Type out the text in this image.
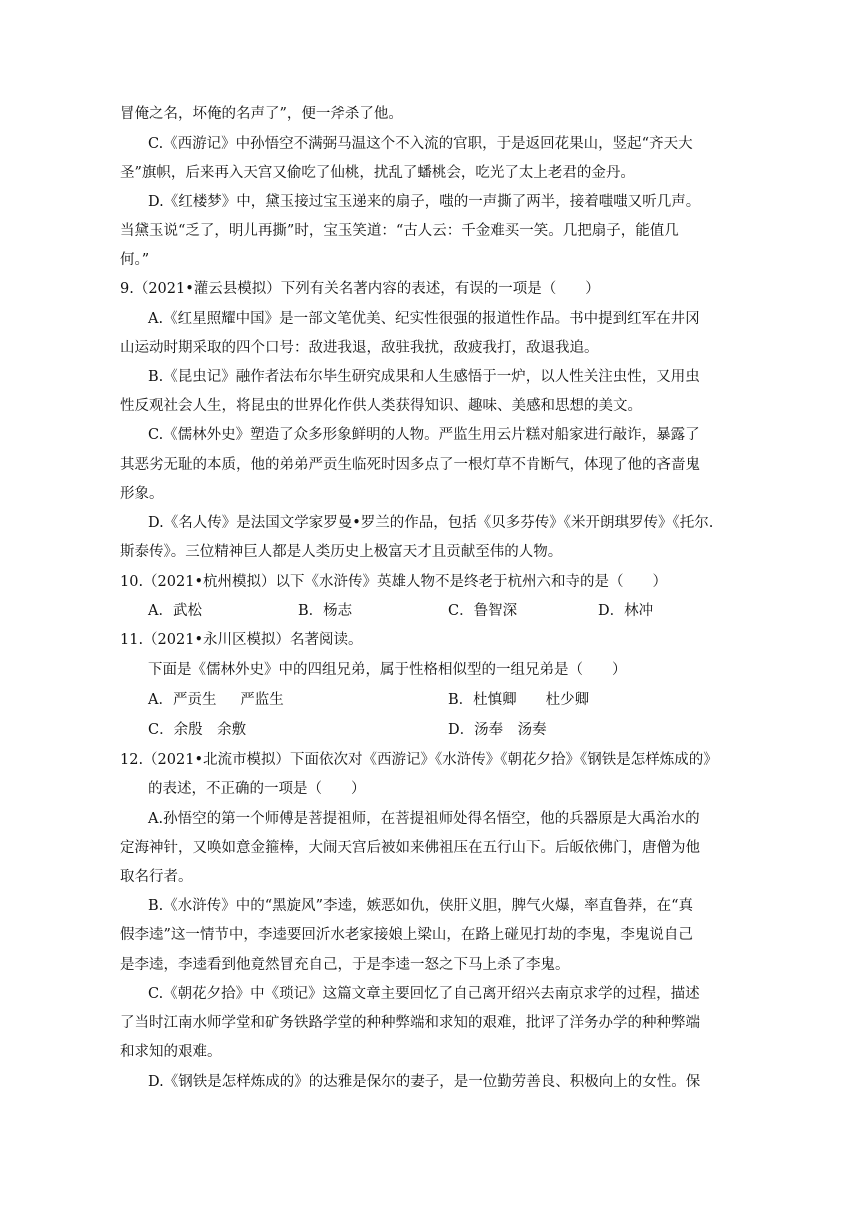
冒俺之名，坏俺的名声了”，便一斧杀了他。
C.《西游记》中孙悟空不满弼马温这个不入流的官职，于是返回花果山，竖起“齐天大
圣”旗帜，后来再入天宫又偷吃了仙桃，扰乱了蟠桃会，吃光了太上老君的金丹。
D.《红楼梦》中，黛玉接过宝玉递来的扇子，嗤的一声撕了两半，接着嗤嗤又听几声。
当黛玉说“乏了，明儿再撕”时，宝玉笑道：“古人云：千金难买一笑。几把扇子，能值几
何。”
9.（2021•灌云县模拟）下列有关名著内容的表述，有误的一项是（　　）
A.《红星照耀中国》是一部文笔优美、纪实性很强的报道性作品。书中提到红军在井冈
山运动时期采取的四个口号：敌进我退，敌驻我扰，敌疲我打，敌退我追。
B.《昆虫记》融作者法布尔毕生研究成果和人生感悟于一炉，以人性关注虫性，又用虫
性反观社会人生，将昆虫的世界化作供人类获得知识、趣味、美感和思想的美文。
C.《儒林外史》塑造了众多形象鲜明的人物。严监生用云片糕对船家进行敲诈，暴露了
其恶劣无耻的本质，他的弟弟严贡生临死时因多点了一根灯草不肯断气，体现了他的吝啬鬼
形象。
D.《名人传》是法国文学家罗曼•罗兰的作品，包括《贝多芬传》《米开朗琪罗传》《托尔.
斯泰传》。三位精神巨人都是人类历史上极富天才且贡献至伟的人物。
10.（2021•杭州模拟）以下《水浒传》英雄人物不是终老于杭州六和寺的是（　　）
A．武松	B．杨志	C．鲁智深	D．林冲
11.（2021•永川区模拟）名著阅读。
下面是《儒林外史》中的四组兄弟，属于性格相似型的一组兄弟是（　　）
A．严贡生　  严监生	B．杜慎卿　　杜少卿
C．余殷　余敷	D．汤奉　汤奏
12.（2021•北流市模拟）下面依次对《西游记》《水浒传》《朝花夕拾》《钢铁是怎样炼成的》
的表述，不正确的一项是（　　）
A.孙悟空的第一个师傅是菩提祖师，在菩提祖师处得名悟空，他的兵器原是大禹治水的
定海神针，又唤如意金箍棒，大闹天宫后被如来佛祖压在五行山下。后皈依佛门，唐僧为他
取名行者。
B.《水浒传》中的“黑旋风”李逵，嫉恶如仇，侠肝义胆，脾气火爆，率直鲁莽，在“真
假李逵”这一情节中，李逵要回沂水老家接娘上梁山，在路上碰见打劫的李鬼，李鬼说自己
是李逵，李逵看到他竟然冒充自己，于是李逵一怒之下马上杀了李鬼。
C.《朝花夕拾》中《琐记》这篇文章主要回忆了自己离开绍兴去南京求学的过程，描述
了当时江南水师学堂和矿务铁路学堂的种种弊端和求知的艰难，批评了洋务办学的种种弊端
和求知的艰难。
D.《钢铁是怎样炼成的》的达雅是保尔的妻子，是一位勤劳善良、积极向上的女性。保
